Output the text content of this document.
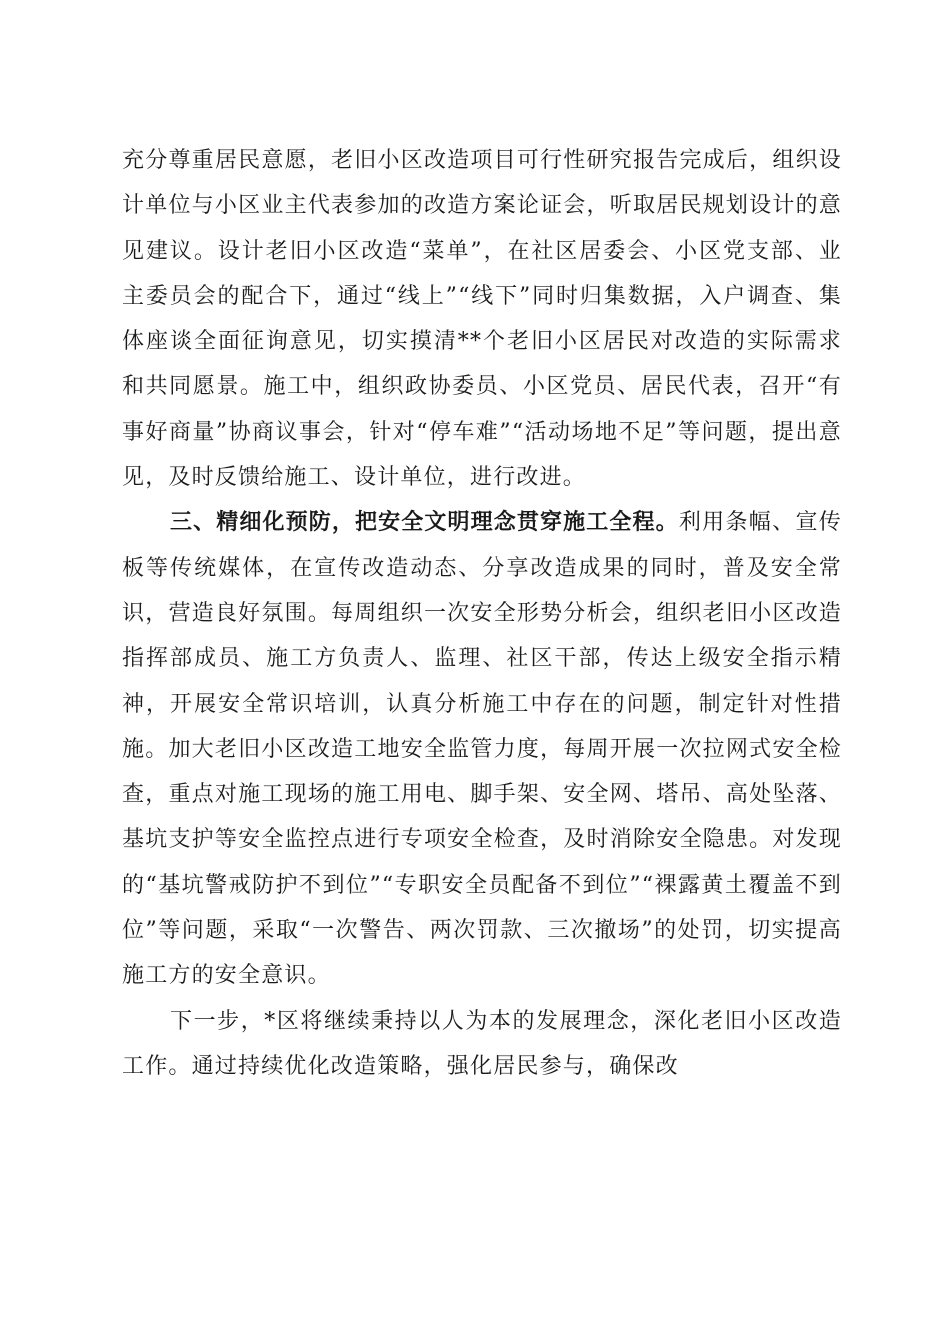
充分尊重居民意愿，老旧小区改造项目可行性研究报告完成后，组织设计单位与小区业主代表参加的改造方案论证会，听取居民规划设计的意见建议。设计老旧小区改造“菜单”，在社区居委会、小区党支部、业主委员会的配合下，通过“线上”“线下”同时归集数据，入户调查、集体座谈全面征询意见，切实摸清**个老旧小区居民对改造的实际需求和共同愿景。施工中，组织政协委员、小区党员、居民代表，召开“有事好商量”协商议事会，针对“停车难”“活动场地不足”等问题，提出意见，及时反馈给施工、设计单位，进行改进。

三、精细化预防，把安全文明理念贯穿施工全程。利用条幅、宣传板等传统媒体，在宣传改造动态、分享改造成果的同时，普及安全常识，营造良好氛围。每周组织一次安全形势分析会，组织老旧小区改造指挥部成员、施工方负责人、监理、社区干部，传达上级安全指示精神，开展安全常识培训，认真分析施工中存在的问题，制定针对性措施。加大老旧小区改造工地安全监管力度，每周开展一次拉网式安全检查，重点对施工现场的施工用电、脚手架、安全网、塔吊、高处坠落、基坑支护等安全监控点进行专项安全检查，及时消除安全隐患。对发现的“基坑警戒防护不到位”“专职安全员配备不到位”“裸露黄土覆盖不到位”等问题，采取“一次警告、两次罚款、三次撤场”的处罚，切实提高施工方的安全意识。

下一步，*区将继续秉持以人为本的发展理念，深化老旧小区改造工作。通过持续优化改造策略，强化居民参与，确保改
